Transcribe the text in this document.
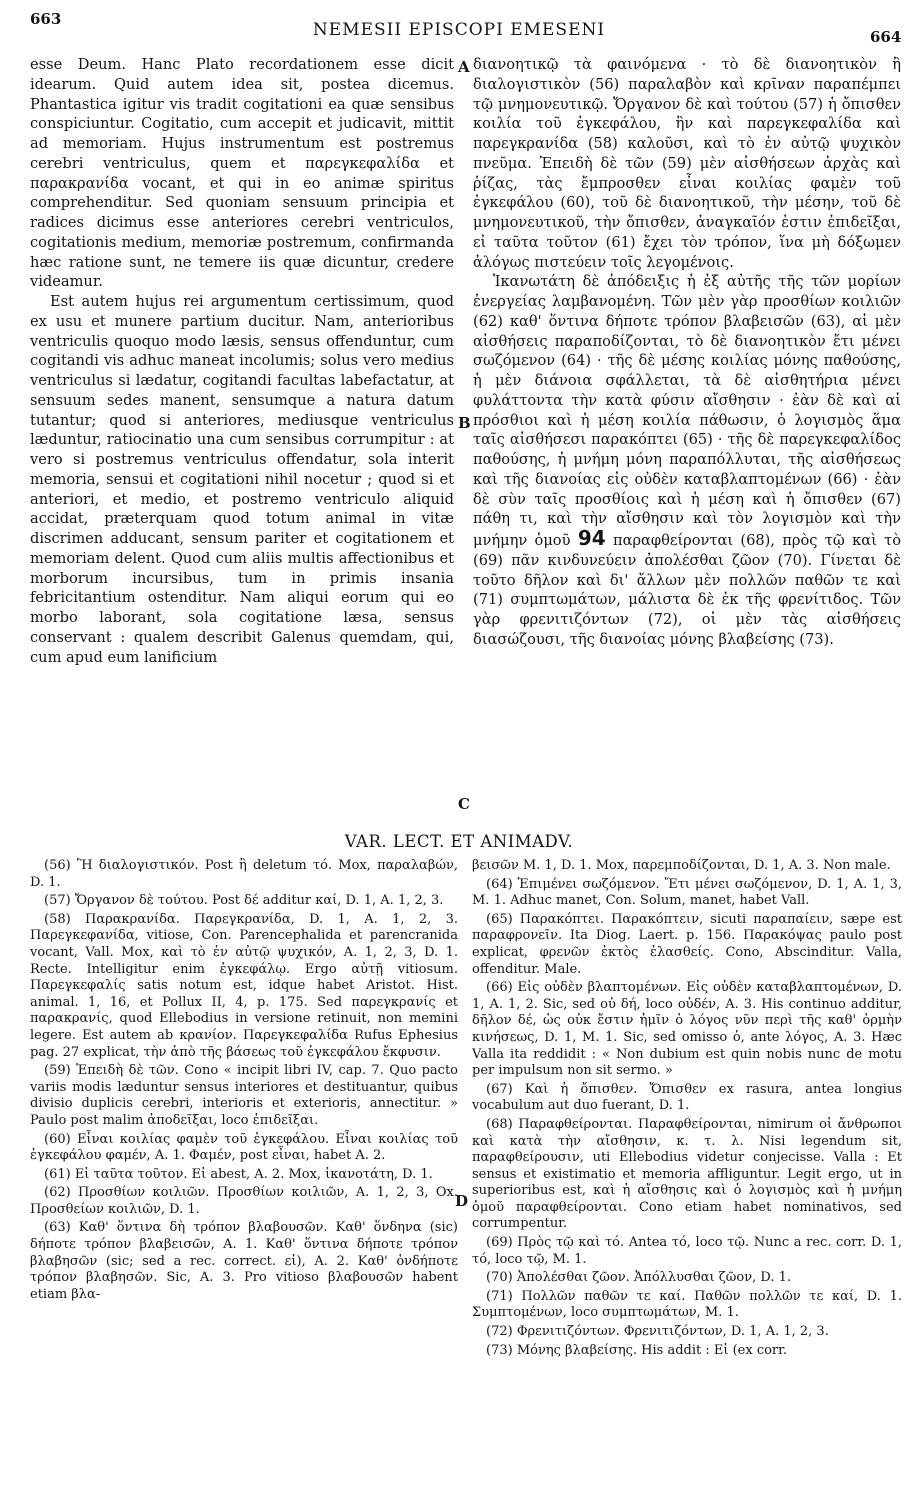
663
NEMESII EPISCOPI EMESENI	664

esse Deum. Hanc Plato recordationem esse dicit idearum. Quid autem idea sit, postea dicemus. Phantastica igitur vis tradit cogitationi ea quæ sensibus conspiciuntur. Cogitatio, cum accepit et judicavit, mittit ad memoriam. Hujus instrumentum est postremus cerebri ventriculus, quem et παρεγκεφαλίδα et παρακρανίδα vocant, et qui in eo animæ spiritus comprehenditur. Sed quoniam sensuum principia et radices dicimus esse anteriores cerebri ventriculos, cogitationis medium, memoriæ postremum, confirmanda hæc ratione sunt, ne temere iis quæ dicuntur, credere videamur.

Est autem hujus rei argumentum certissimum, quod ex usu et munere partium ducitur. Nam, anterioribus ventriculis quoquo modo læsis, sensus offenduntur, cum cogitandi vis adhuc maneat incolumis; solus vero medius ventriculus si lædatur, cogitandi facultas labefactatur, at sensuum sedes manent, sensumque a natura datum tutantur; quod si anteriores, mediusque ventriculus læduntur, ratiocinatio una cum sensibus corrumpitur : at vero si postremus ventriculus offendatur, sola interit memoria, sensui et cogitationi nihil nocetur ; quod si et anteriori, et medio, et postremo ventriculo aliquid accidat, præterquam quod totum animal in vitæ discrimen adducant, sensum pariter et cogitationem et memoriam delent. Quod cum aliis multis affectionibus et morborum incursibus, tum in primis insania febricitantium ostenditur. Nam aliqui eorum qui eo morbo laborant, sola cogitatione læsa, sensus conservant : qualem describit Galenus quemdam, qui, cum apud eum lanificium

διανοητικῷ τὰ φαινόμενα · τὸ δὲ διανοητικὸν ἢ διαλογιστικὸν (56) παραλαβὸν καὶ κρῖναν παραπέμπει τῷ μνημονευτικῷ. Ὄργανον δὲ καὶ τούτου (57) ἡ ὄπισθεν κοιλία τοῦ ἐγκεφάλου, ἣν καὶ παρεγκεφαλίδα καὶ παρεγκρανίδα (58) καλοῦσι, καὶ τὸ ἐν αὐτῷ ψυχικὸν πνεῦμα. Ἐπειδὴ δὲ τῶν (59) μὲν αἰσθήσεων ἀρχὰς καὶ ῥίζας, τὰς ἔμπροσθεν εἶναι κοιλίας φαμὲν τοῦ ἐγκεφάλου (60), τοῦ δὲ διανοητικοῦ, τὴν μέσην, τοῦ δὲ μνημονευτικοῦ, τὴν ὄπισθεν, ἀναγκαῖόν ἐστιν ἐπιδεῖξαι, εἰ ταῦτα τοῦτον (61) ἔχει τὸν τρόπον, ἵνα μὴ δόξωμεν ἀλόγως πιστεύειν τοῖς λεγομένοις.

Ἱκανωτάτη δὲ ἀπόδειξις ἡ ἐξ αὐτῆς τῆς τῶν μορίων ἐνεργείας λαμβανομένη. Τῶν μὲν γὰρ προσθίων κοιλιῶν (62) καθ' ὅντινα δήποτε τρόπον βλαβεισῶν (63), αἱ μὲν αἰσθήσεις παραποδίζονται, τὸ δὲ διανοητικὸν ἔτι μένει σωζόμενον (64) · τῆς δὲ μέσης κοιλίας μόνης παθούσης, ἡ μὲν διάνοια σφάλλεται, τὰ δὲ αἰσθητήρια μένει φυλάττοντα τὴν κατὰ φύσιν αἴσθησιν · ἐὰν δὲ καὶ αἱ πρόσθιοι καὶ ἡ μέση κοιλία πάθωσιν, ὁ λογισμὸς ἅμα ταῖς αἰσθήσεσι παρακόπτει (65) · τῆς δὲ παρεγκεφαλίδος παθούσης, ἡ μνήμη μόνη παραπόλλυται, τῆς αἰσθήσεως καὶ τῆς διανοίας εἰς οὐδὲν καταβλαπτομένων (66) · ἐὰν δὲ σὺν ταῖς προσθίοις καὶ ἡ μέση καὶ ἡ ὄπισθεν (67) πάθη τι, καὶ τὴν αἴσθησιν καὶ τὸν λογισμὸν καὶ τὴν μνήμην ὁμοῦ 94 παραφθείρονται (68), πρὸς τῷ καὶ τὸ (69) πᾶν κινδυνεύειν ἀπολέσθαι ζῶον (70). Γίνεται δὲ τοῦτο δῆλον καὶ δι' ἄλλων μὲν πολλῶν παθῶν τε καὶ (71) συμπτωμάτων, μάλιστα δὲ ἐκ τῆς φρενίτιδος. Τῶν γὰρ φρενιτιζόντων (72), οἱ μὲν τὰς αἰσθήσεις διασώζουσι, τῆς διανοίας μόνης βλαβείσης (73).

A
B
C
D
VAR. LECT. ET ANIMADV.

(56) Ἢ διαλογιστικόν. Post ἢ deletum τό. Mox, παραλαβών, D. 1.

(57) Ὄργανον δὲ τούτου. Post δέ additur καί, D. 1, A. 1, 2, 3.

(58) Παρακρανίδα. Παρεγκρανίδα, D. 1, A. 1, 2, 3. Παρεγκεφανίδα, vitiose, Con. Parencephalida et parencranida vocant, Vall. Mox, καὶ τὸ ἐν αὐτῷ ψυχικόν, A. 1, 2, 3, D. 1. Recte. Intelligitur enim ἐγκεφάλῳ. Ergo αὐτῇ vitiosum. Παρεγκεφαλίς satis notum est, idque habet Aristot. Hist. animal. 1, 16, et Pollux II, 4, p. 175. Sed παρεγκρανίς et παρακρανίς, quod Ellebodius in versione retinuit, non memini legere. Est autem ab κρανίον. Παρεγκεφαλίδα Rufus Ephesius pag. 27 explicat, τὴν ἀπὸ τῆς βάσεως τοῦ ἐγκεφάλου ἔκφυσιν.

(59) Ἐπειδὴ δὲ τῶν. Cono « incipit libri IV, cap. 7. Quo pacto variis modis læduntur sensus interiores et destituantur, quibus divisio duplicis cerebri, interioris et exterioris, annectitur. » Paulo post malim ἀποδεῖξαι, loco ἐπιδεῖξαι.

(60) Εἶναι κοιλίας φαμὲν τοῦ ἐγκεφάλου. Εἶναι κοιλίας τοῦ ἐγκεφάλου φαμέν, A. 1. Φαμέν, post εἶναι, habet A. 2.

(61) Εἰ ταῦτα τοῦτον. Εἰ abest, A. 2. Mox, ἱκανοτάτη, D. 1.

(62) Προσθίων κοιλιῶν. Προσθίων κοιλιῶν, A. 1, 2, 3, Ox. Προσθείων κοιλιῶν, D. 1.

(63) Καθ' ὅντινα δὴ τρόπον βλαβουσῶν. Καθ' ὅνδηνα (sic) δήποτε τρόπον βλαβεισῶν, A. 1. Καθ' ὅντινα δήποτε τρόπον βλαβησῶν (sic; sed a rec. correct. εἰ), A. 2. Καθ' ὁνδήποτε τρόπον βλαβησῶν. Sic, A. 3. Pro vitioso βλαβουσῶν habent etiam βλα-

βεισῶν M. 1, D. 1. Mox, παρεμποδίζονται, D. 1, A. 3. Non male.

(64) Ἐπιμένει σωζόμενον. Ἔτι μένει σωζόμενον, D. 1, A. 1, 3, M. 1. Adhuc manet, Con. Solum, manet, habet Vall.

(65) Παρακόπτει. Παρακόπτειν, sicuti παραπαίειν, sæpe est παραφρονεῖν. Ita Diog. Laert. p. 156. Παρακόψας paulo post explicat, φρενῶν ἐκτὸς ἐλασθείς. Cono, Abscinditur. Valla, offenditur. Male.

(66) Εἰς οὐδὲν βλαπτομένων. Εἰς οὐδὲν καταβλαπτομένων, D. 1, A. 1, 2. Sic, sed οὐ δή, loco οὐδέν, A. 3. His continuo additur, δῆλον δέ, ὡς οὐκ ἔστιν ἡμῖν ὁ λόγος νῦν περὶ τῆς καθ' ὁρμὴν κινήσεως, D. 1, M. 1. Sic, sed omisso ὁ, ante λόγος, A. 3. Hæc Valla ita reddidit : « Non dubium est quin nobis nunc de motu per impulsum non sit sermo. »

(67) Καὶ ἡ ὄπισθεν. Ὄπισθεν ex rasura, antea longius vocabulum aut duo fuerant, D. 1.

(68) Παραφθείρονται. Παραφθείρονται, nimirum οἱ ἄνθρωποι καὶ κατὰ τὴν αἴσθησιν, κ. τ. λ. Nisi legendum sit, παραφθείρουσιν, uti Ellebodius videtur conjecisse. Valla : Et sensus et existimatio et memoria affliguntur. Legit ergo, ut in superioribus est, καὶ ἡ αἴσθησις καὶ ὁ λογισμὸς καὶ ἡ μνήμη ὁμοῦ παραφθείρονται. Cono etiam habet nominativos, sed corrumpentur.

(69) Πρὸς τῷ καὶ τό. Antea τό, loco τῷ. Nunc a rec. corr. D. 1, τό, loco τῷ, M. 1.

(70) Ἀπολέσθαι ζῶον. Ἀπόλλυσθαι ζῶον, D. 1.

(71) Πολλῶν παθῶν τε καί. Παθῶν πολλῶν τε καί, D. 1. Συμπτομένων, loco συμπτωμάτων, M. 1.

(72) Φρενιτιζόντων. Φρενιτιζόντων, D. 1, A. 1, 2, 3.

(73) Μόνης βλαβείσης. His addit : Εἰ (ex corr.
